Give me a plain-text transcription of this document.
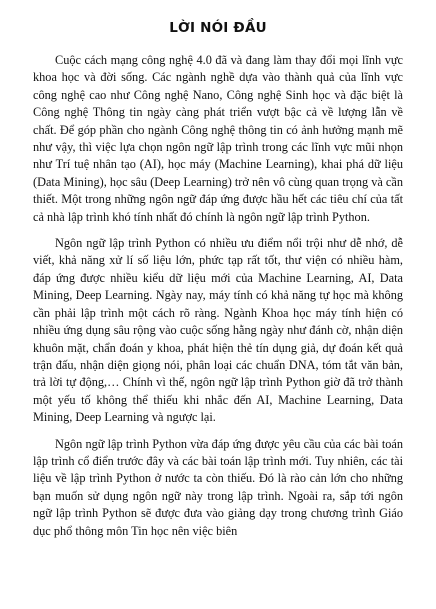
LỜI NÓI ĐẦU

Cuộc cách mạng công nghệ 4.0 đã và đang làm thay đổi mọi lĩnh vực khoa học và đời sống. Các ngành nghề dựa vào thành quả của lĩnh vực công nghệ cao như Công nghệ Nano, Công nghệ Sinh học và đặc biệt là Công nghệ Thông tin ngày càng phát triển vượt bậc cả về lượng lẫn về chất. Để góp phần cho ngành Công nghệ thông tin có ảnh hưởng mạnh mẽ như vậy, thì việc lựa chọn ngôn ngữ lập trình trong các lĩnh vực mũi nhọn như Trí tuệ nhân tạo (AI), học máy (Machine Learning), khai phá dữ liệu (Data Mining), học sâu (Deep Learning) trở nên vô cùng quan trọng và cần thiết. Một trong những ngôn ngữ đáp ứng được hầu hết các tiêu chí của tất cả nhà lập trình khó tính nhất đó chính là ngôn ngữ lập trình Python.

Ngôn ngữ lập trình Python có nhiều ưu điểm nổi trội như dễ nhớ, dễ viết, khả năng xử lí số liệu lớn, phức tạp rất tốt, thư viện có nhiều hàm, đáp ứng được nhiều kiểu dữ liệu mới của Machine Learning, AI, Data Mining, Deep Learning. Ngày nay, máy tính có khả năng tự học mà không cần phải lập trình một cách rõ ràng. Ngành Khoa học máy tính hiện có nhiều ứng dụng sâu rộng vào cuộc sống hằng ngày như đánh cờ, nhận diện khuôn mặt, chẩn đoán y khoa, phát hiện thẻ tín dụng giả, dự đoán kết quả trận đấu, nhận diện giọng nói, phân loại các chuẩn DNA, tóm tắt văn bản, trả lời tự động,… Chính vì thế, ngôn ngữ lập trình Python giờ đã trở thành một yếu tố không thể thiếu khi nhắc đến AI, Machine Learning, Data Mining, Deep Learning và ngược lại.

Ngôn ngữ lập trình Python vừa đáp ứng được yêu cầu của các bài toán lập trình cổ điển trước đây và các bài toán lập trình mới. Tuy nhiên, các tài liệu về lập trình Python ở nước ta còn thiếu. Đó là rào cản lớn cho những bạn muốn sử dụng ngôn ngữ này trong lập trình. Ngoài ra, sắp tới ngôn ngữ lập trình Python sẽ được đưa vào giảng dạy trong chương trình Giáo dục phổ thông môn Tin học nên việc biên
